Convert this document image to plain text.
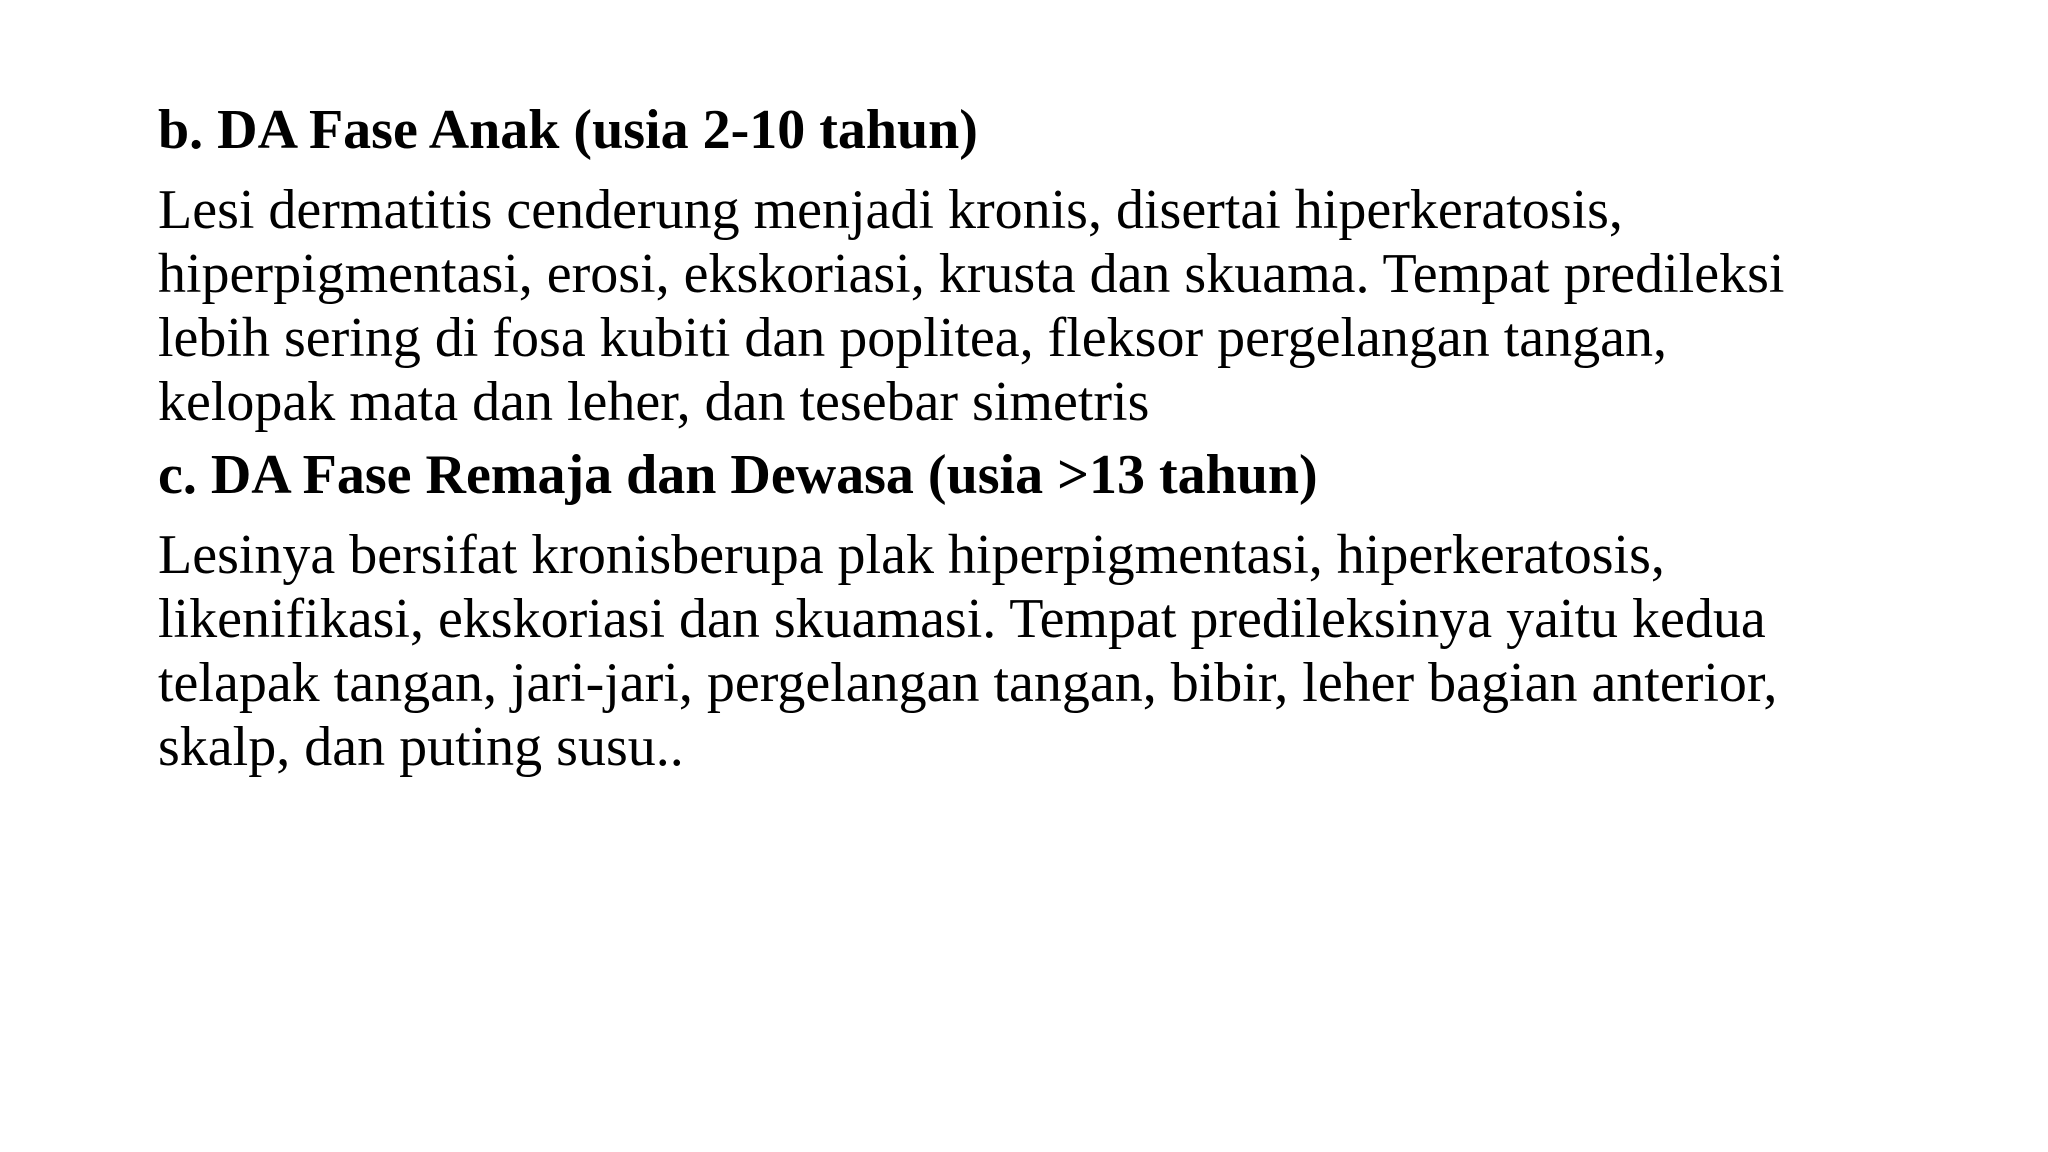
b. DA Fase Anak (usia 2-10 tahun)

Lesi dermatitis cenderung menjadi kronis, disertai hiperkeratosis,
hiperpigmentasi, erosi, ekskoriasi, krusta dan skuama. Tempat predileksi
lebih sering di fosa kubiti dan poplitea, fleksor pergelangan tangan,
kelopak mata dan leher, dan tesebar simetris

c. DA Fase Remaja dan Dewasa (usia >13 tahun)

Lesinya bersifat kronisberupa plak hiperpigmentasi, hiperkeratosis,
likenifikasi, ekskoriasi dan skuamasi. Tempat predileksinya yaitu kedua
telapak tangan, jari-jari, pergelangan tangan, bibir, leher bagian anterior,
skalp, dan puting susu..
